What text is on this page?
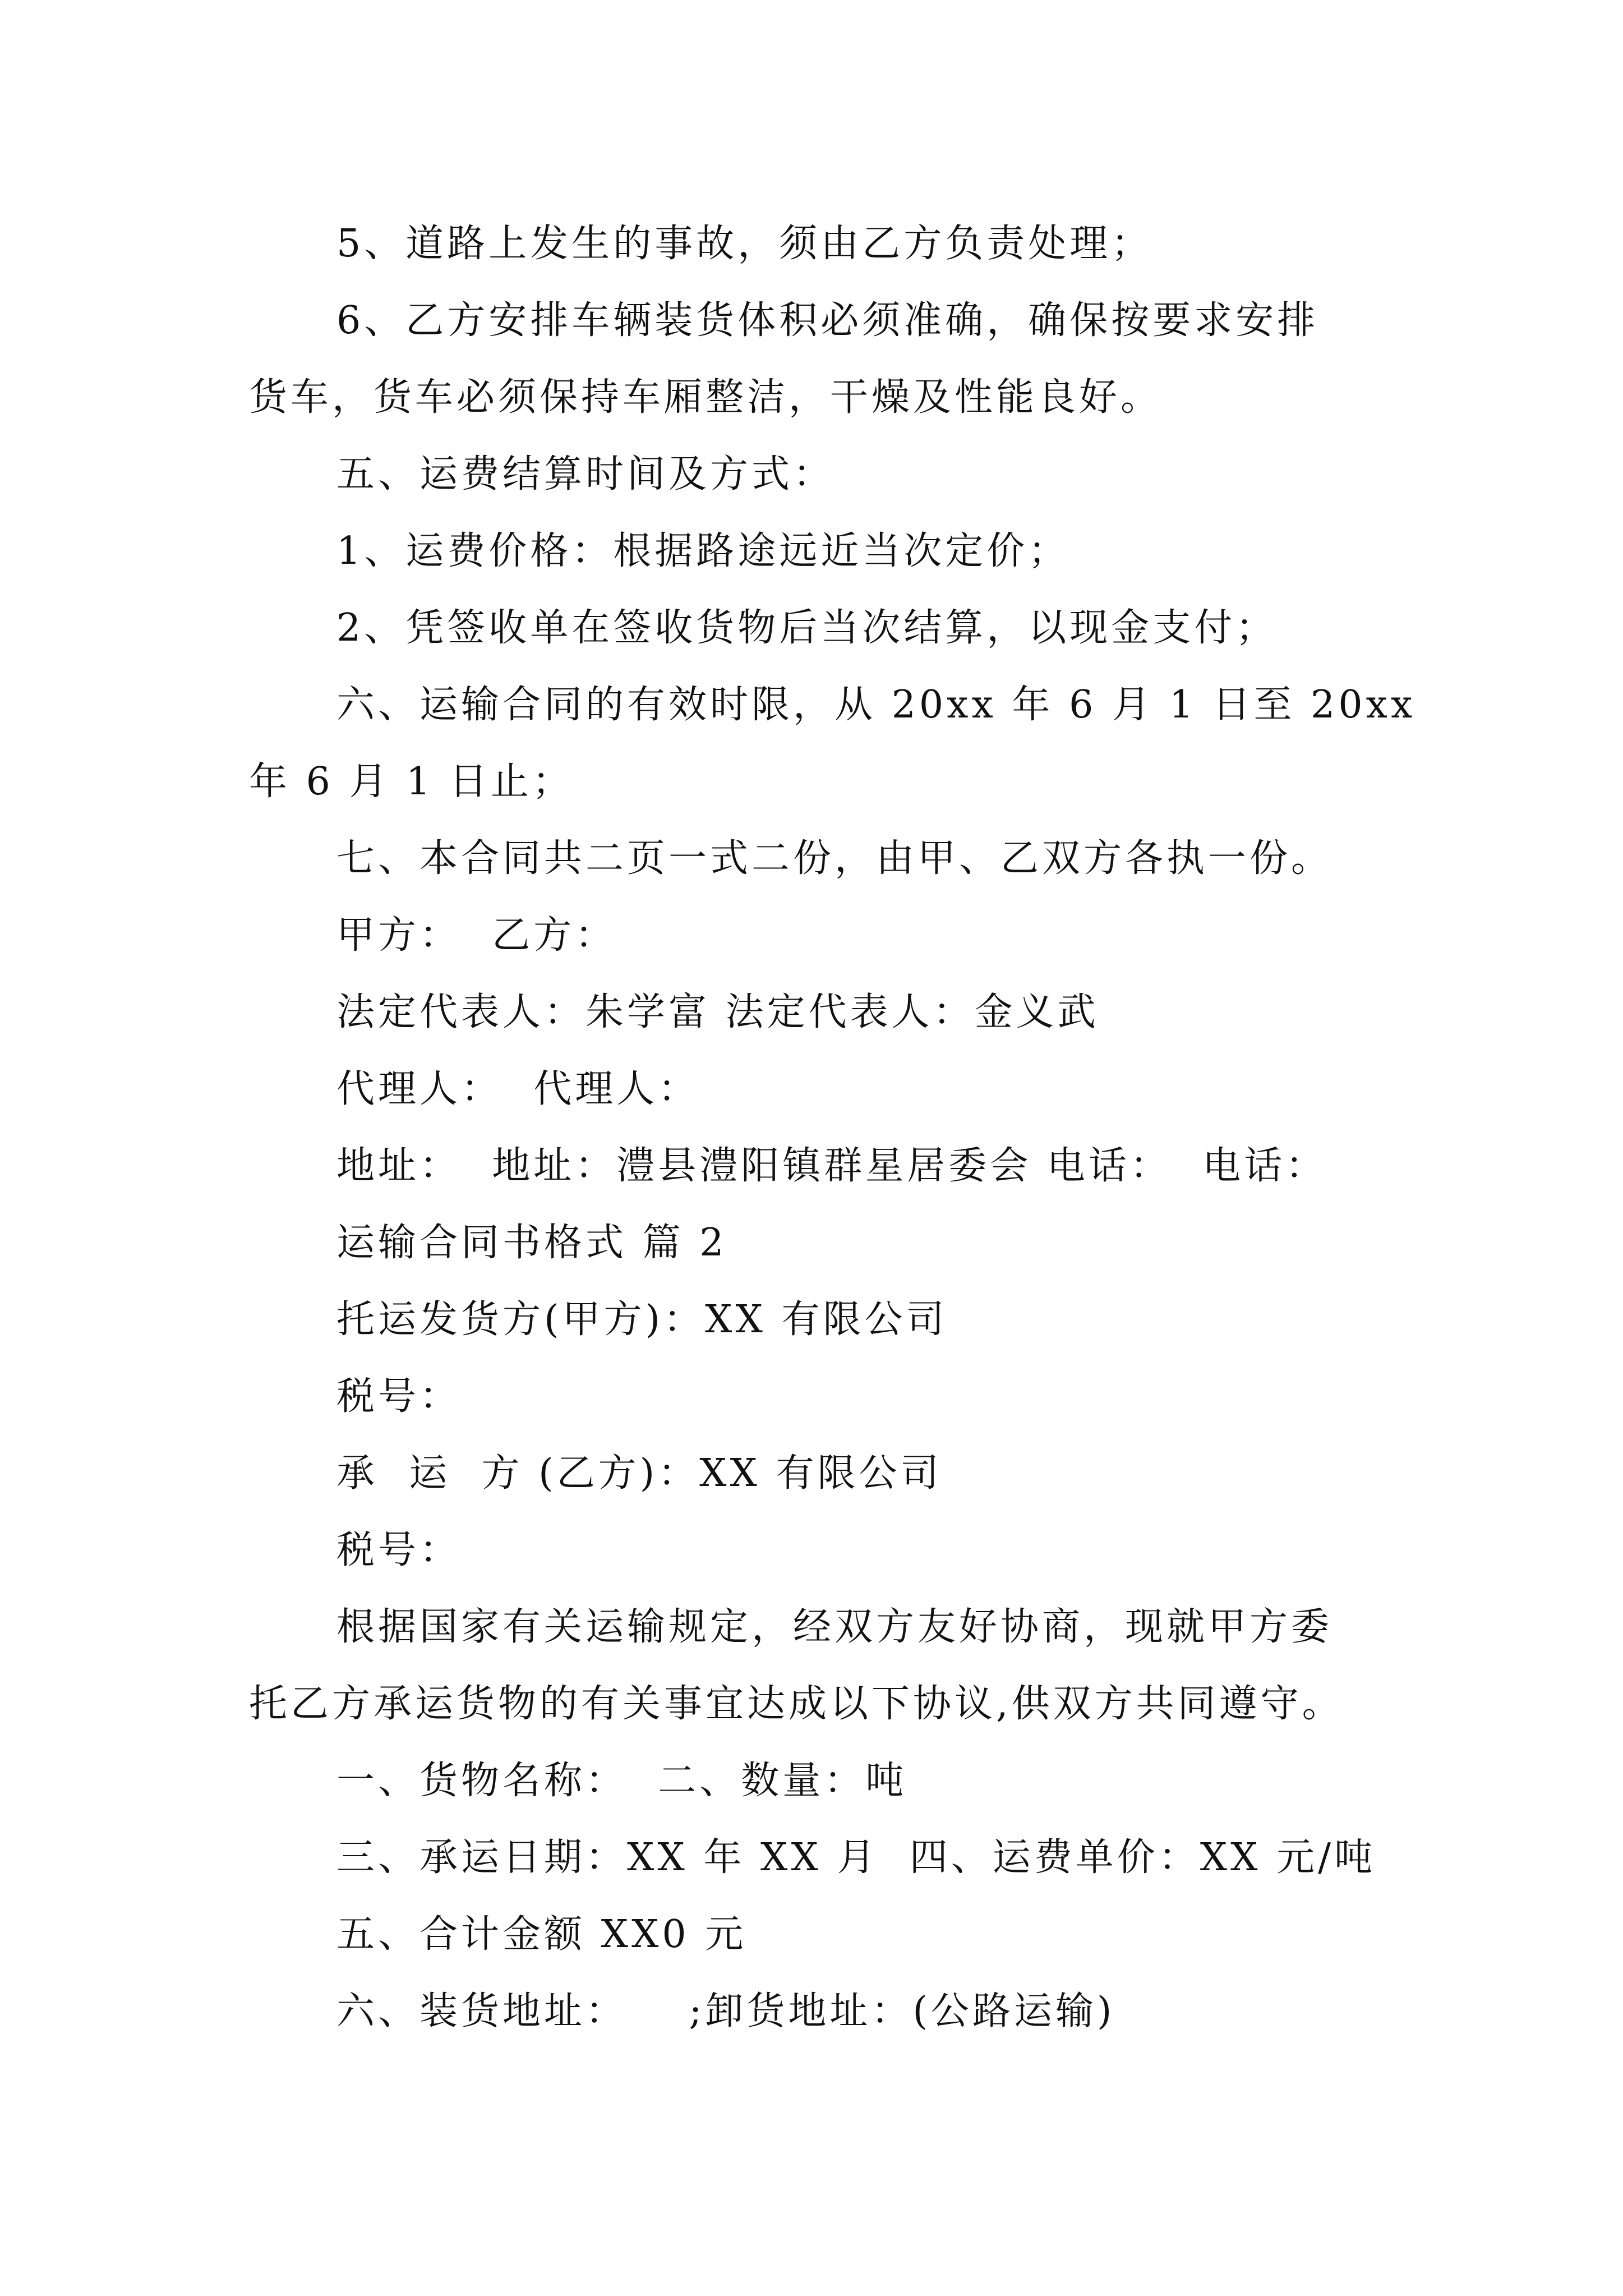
5、道路上发生的事故，须由乙方负责处理；
6、乙方安排车辆装货体积必须准确，确保按要求安排
货车，货车必须保持车厢整洁，干燥及性能良好。
五、运费结算时间及方式：
1、运费价格：根据路途远近当次定价；
2、凭签收单在签收货物后当次结算，以现金支付；
六、运输合同的有效时限，从 20xx 年 6 月 1 日至 20xx
年 6 月 1 日止；
七、本合同共二页一式二份，由甲、乙双方各执一份。
甲方：  乙方：
法定代表人：朱学富 法定代表人：金义武
代理人：  代理人：
地址：  地址：澧县澧阳镇群星居委会 电话：  电话：
运输合同书格式 篇 2
托运发货方(甲方)：XX 有限公司
税号：
承  运  方 (乙方)：XX 有限公司
税号：
根据国家有关运输规定，经双方友好协商，现就甲方委
托乙方承运货物的有关事宜达成以下协议,供双方共同遵守。
一、货物名称：  二、数量：吨
三、承运日期：XX 年 XX 月  四、运费单价：XX 元/吨
五、合计金额 XX0 元
六、装货地址：    ;卸货地址：(公路运输)
